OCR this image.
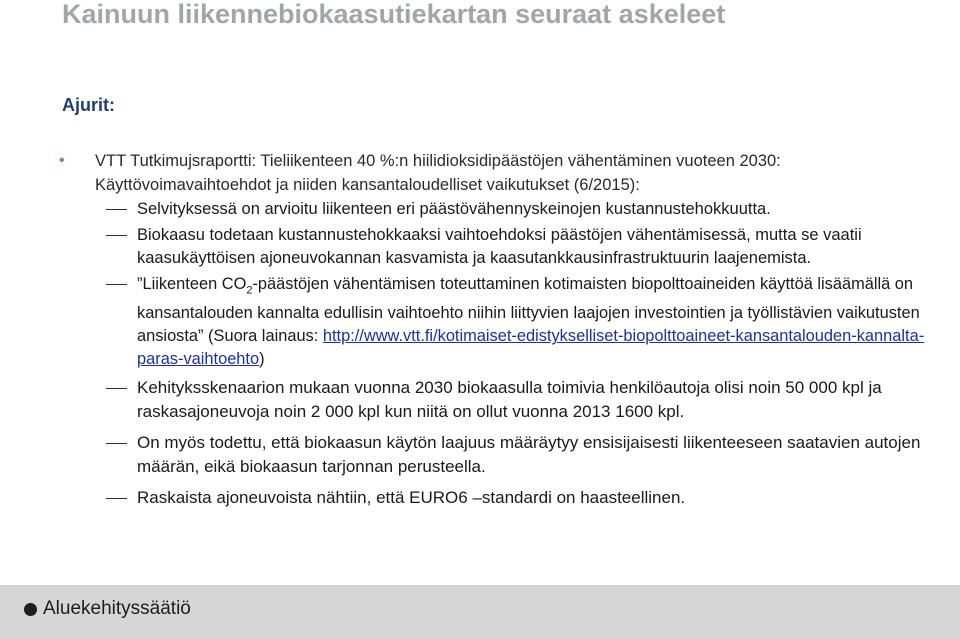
Kainuun liikennebiokaasutiekartan seuraat askeleet
Ajurit:
• VTT Tutkimujsraportti: Tieliikenteen 40 %:n hiilidioksidipäästöjen vähentäminen vuoteen 2030:
Käyttövoimavaihtoehdot ja niiden kansantaloudelliset vaikutukset (6/2015):
Selvityksessä on arvioitu liikenteen eri päästövähennyskeinojen kustannustehokkuutta.
Biokaasu todetaan kustannustehokkaaksi vaihtoehdoksi päästöjen vähentämisessä, mutta se vaatii kaasukäyttöisen ajoneuvokannan kasvamista ja kaasutankkausinfrastruktuurin laajenemista.
”Liikenteen $CO_2$-päästöjen vähentämisen toteuttaminen kotimaisten biopolttoaineiden käyttöä lisäämällä on kansantalouden kannalta edullisin vaihtoehto niihin liittyvien laajojen investointien ja työllistävien vaikutusten ansiosta” (Suora lainaus: http://www.vtt.fi/kotimaiset-edistykselliset-biopolttoaineet-kansantalouden-kannalta-paras-vaihtoehto)
Kehityksskenaarion mukaan vuonna 2030 biokaasulla toimivia henkilöautoja olisi noin 50 000 kpl ja raskasajoneuvoja noin 2 000 kpl kun niitä on ollut vuonna 2013 1600 kpl.
On myös todettu, että biokaasun käytön laajuus määräytyy ensisijaisesti liikenteeseen saatavien autojen määrän, eikä biokaasun tarjonnan perusteella.
Raskaista ajoneuvoista nähtiin, että EURO6 –standardi on haasteellinen.
Aluekehityssäätiö
